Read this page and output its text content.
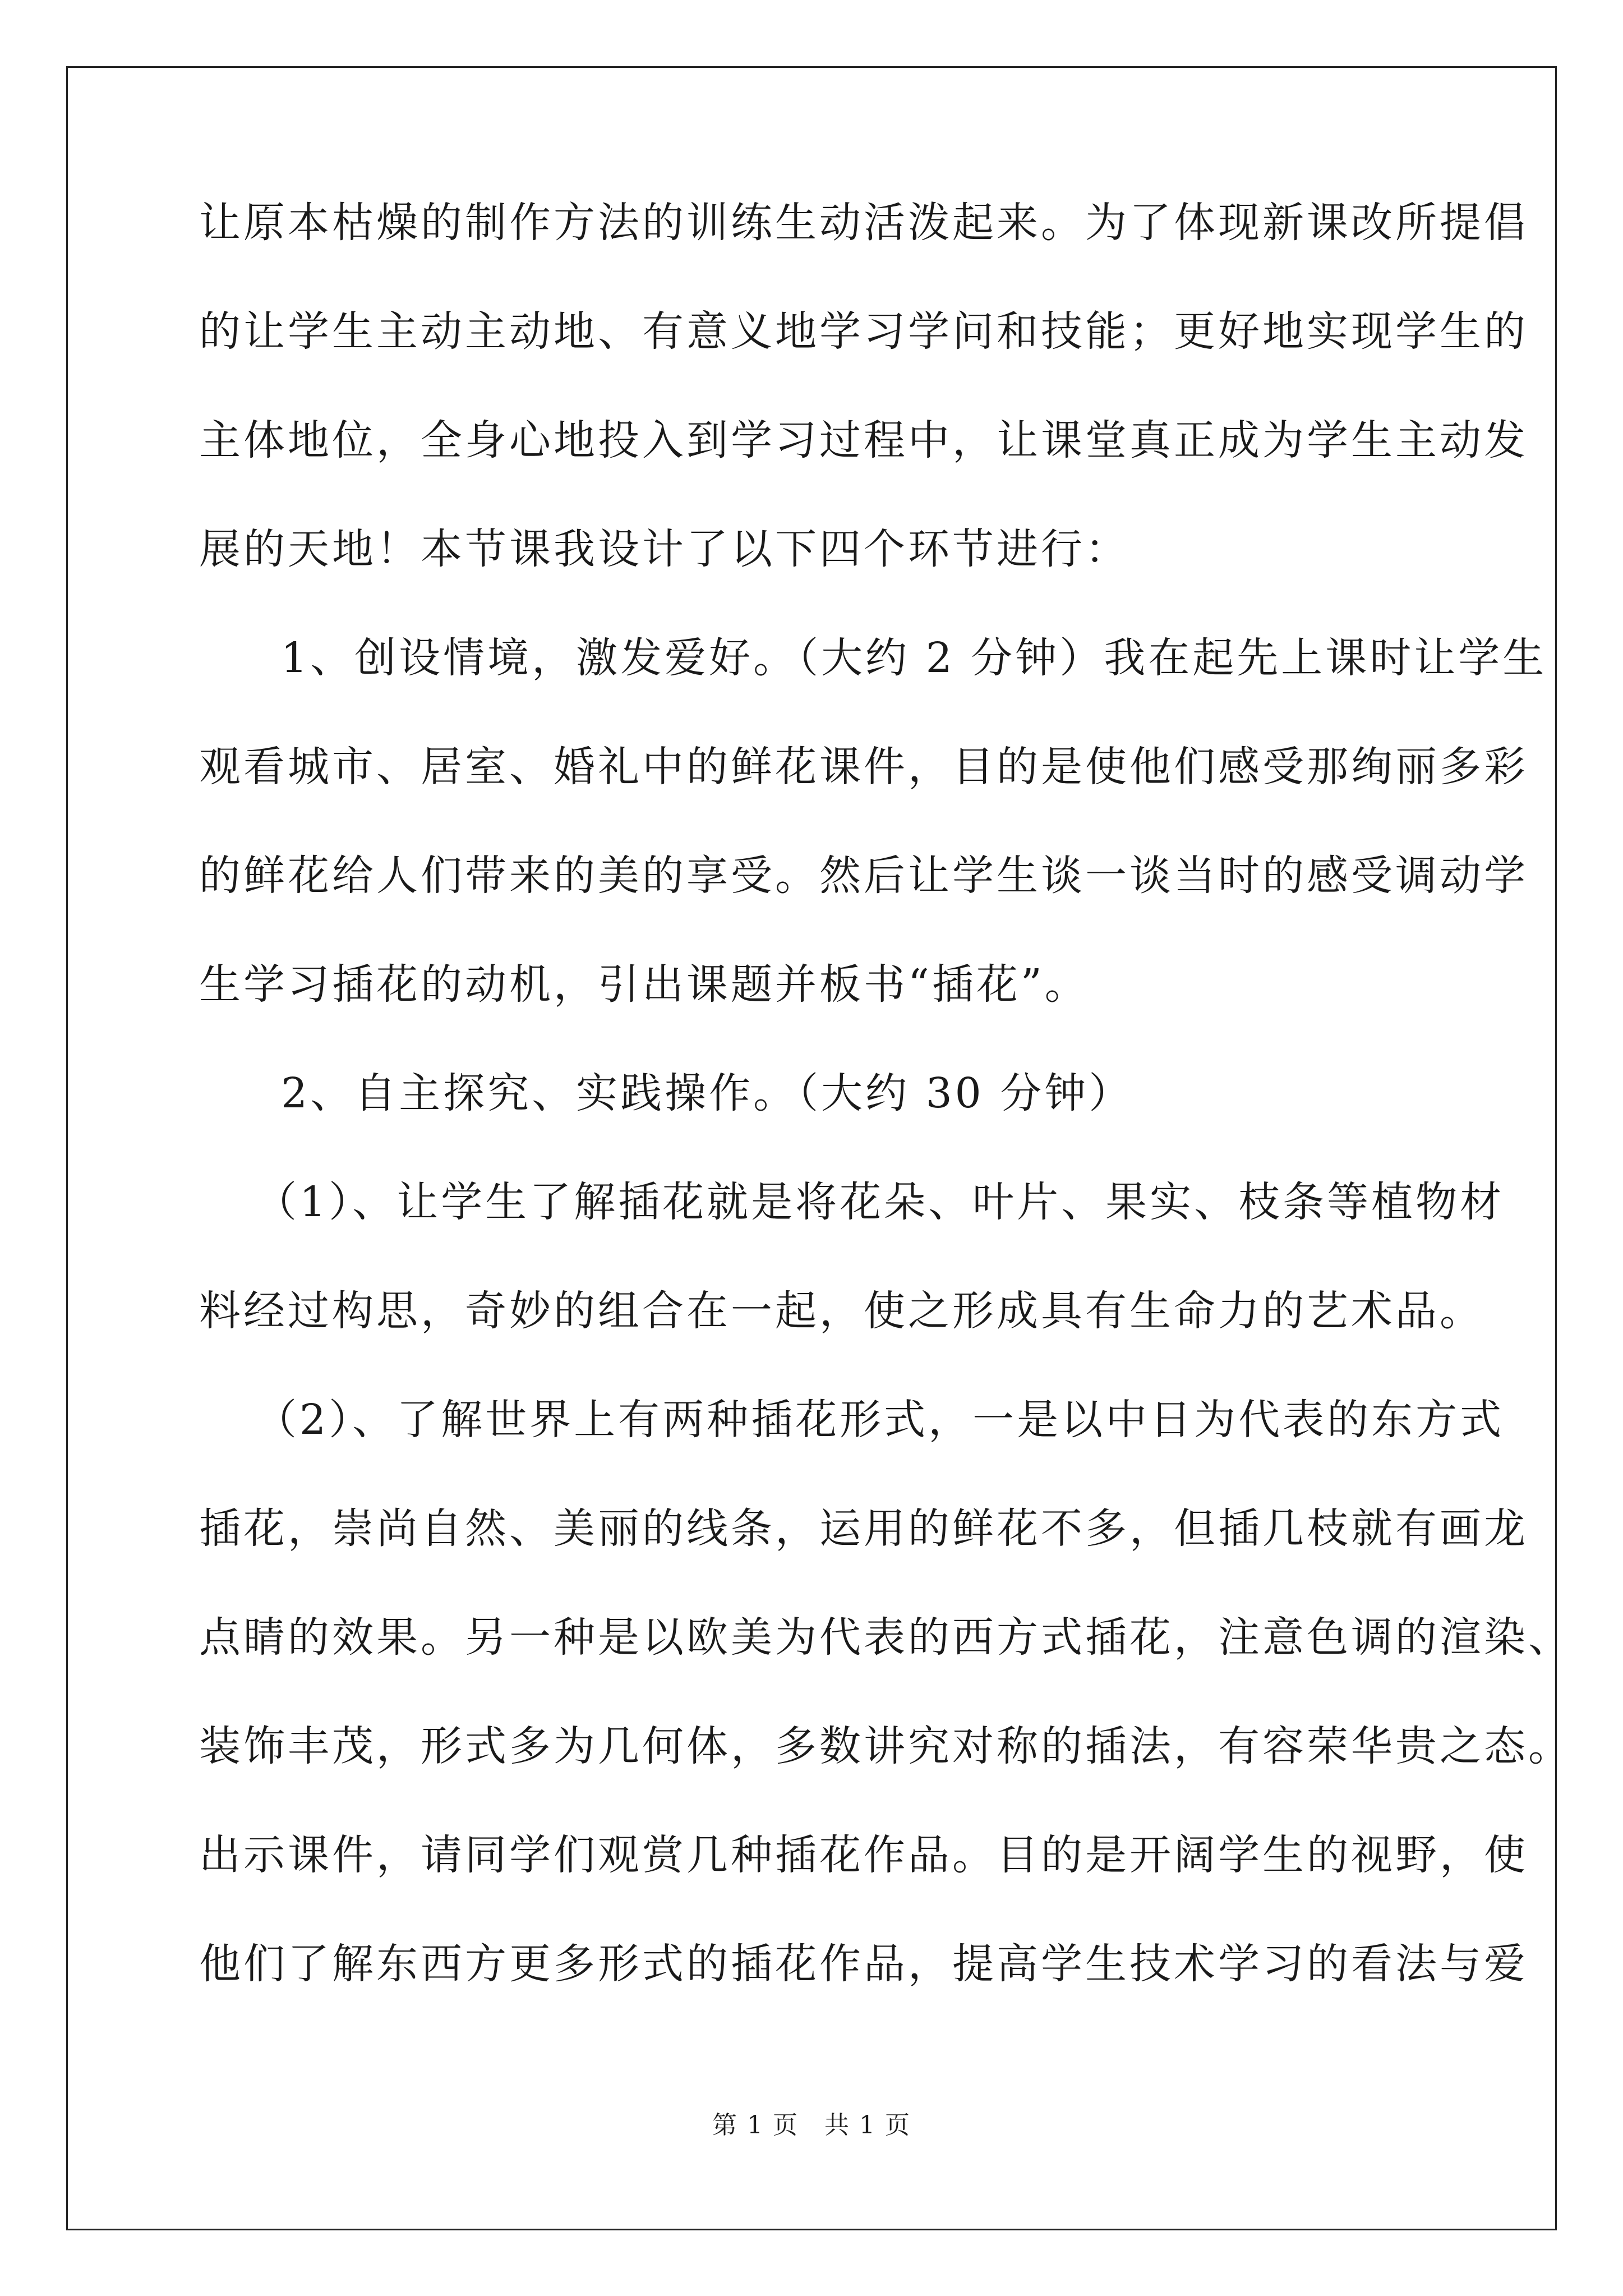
让原本枯燥的制作方法的训练生动活泼起来。为了体现新课改所提倡
的让学生主动主动地、有意义地学习学问和技能；更好地实现学生的
主体地位，全身心地投入到学习过程中，让课堂真正成为学生主动发
展的天地！本节课我设计了以下四个环节进行：
1、创设情境，激发爱好。（大约 2 分钟）我在起先上课时让学生
观看城市、居室、婚礼中的鲜花课件，目的是使他们感受那绚丽多彩
的鲜花给人们带来的美的享受。然后让学生谈一谈当时的感受调动学
生学习插花的动机，引出课题并板书“插花”。
2、自主探究、实践操作。（大约 30 分钟）
（1）、让学生了解插花就是将花朵、叶片、果实、枝条等植物材
料经过构思，奇妙的组合在一起，使之形成具有生命力的艺术品。
（2）、了解世界上有两种插花形式，一是以中日为代表的东方式
插花，崇尚自然、美丽的线条，运用的鲜花不多，但插几枝就有画龙
点睛的效果。另一种是以欧美为代表的西方式插花，注意色调的渲染、
装饰丰茂，形式多为几何体，多数讲究对称的插法，有容荣华贵之态。
出示课件，请同学们观赏几种插花作品。目的是开阔学生的视野，使
他们了解东西方更多形式的插花作品，提高学生技术学习的看法与爱
第 1 页　共 1 页
